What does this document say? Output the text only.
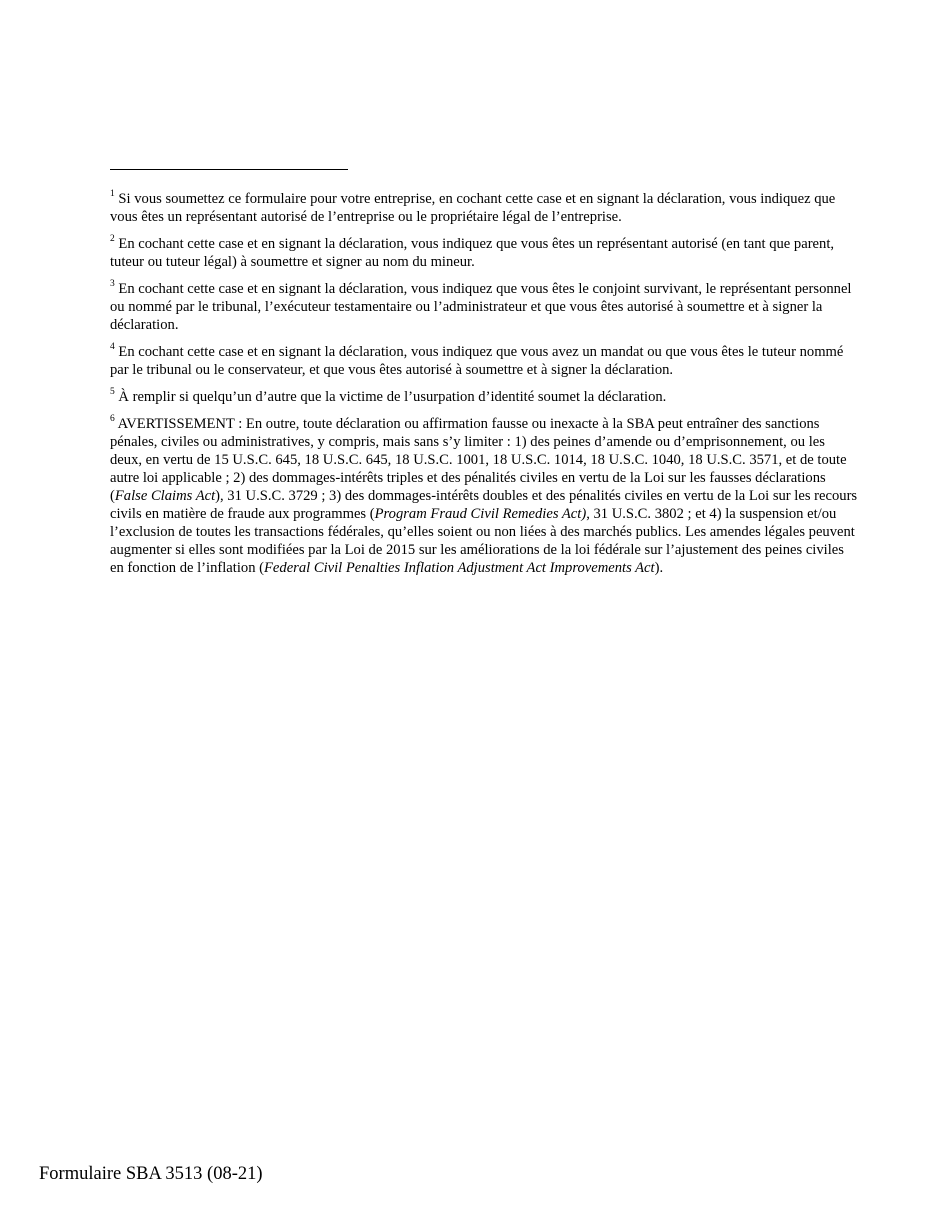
$^1$ Si vous soumettez ce formulaire pour votre entreprise, en cochant cette case et en signant la déclaration, vous indiquez que vous êtes un représentant autorisé de l’entreprise ou le propriétaire légal de l’entreprise.

$^2$ En cochant cette case et en signant la déclaration, vous indiquez que vous êtes un représentant autorisé (en tant que parent, tuteur ou tuteur légal) à soumettre et signer au nom du mineur.

$^3$ En cochant cette case et en signant la déclaration, vous indiquez que vous êtes le conjoint survivant, le représentant personnel ou nommé par le tribunal, l’exécuteur testamentaire ou l’administrateur et que vous êtes autorisé à soumettre et à signer la déclaration.

$^4$ En cochant cette case et en signant la déclaration, vous indiquez que vous avez un mandat ou que vous êtes le tuteur nommé par le tribunal ou le conservateur, et que vous êtes autorisé à soumettre et à signer la déclaration.

$^5$ À remplir si quelqu’un d’autre que la victime de l’usurpation d’identité soumet la déclaration.

$^6$ AVERTISSEMENT : En outre, toute déclaration ou affirmation fausse ou inexacte à la SBA peut entraîner des sanctions pénales, civiles ou administratives, y compris, mais sans s’y limiter : 1) des peines d’amende ou d’emprisonnement, ou les deux, en vertu de 15 U.S.C. 645, 18 U.S.C. 645, 18 U.S.C. 1001, 18 U.S.C. 1014, 18 U.S.C. 1040, 18 U.S.C. 3571, et de toute autre loi applicable ; 2) des dommages-intérêts triples et des pénalités civiles en vertu de la Loi sur les fausses déclarations (False Claims Act), 31 U.S.C. 3729 ; 3) des dommages-intérêts doubles et des pénalités civiles en vertu de la Loi sur les recours civils en matière de fraude aux programmes (Program Fraud Civil Remedies Act), 31 U.S.C. 3802 ; et 4) la suspension et/ou l’exclusion de toutes les transactions fédérales, qu’elles soient ou non liées à des marchés publics. Les amendes légales peuvent augmenter si elles sont modifiées par la Loi de 2015 sur les améliorations de la loi fédérale sur l’ajustement des peines civiles en fonction de l’inflation (Federal Civil Penalties Inflation Adjustment Act Improvements Act).

Formulaire SBA 3513 (08-21)
